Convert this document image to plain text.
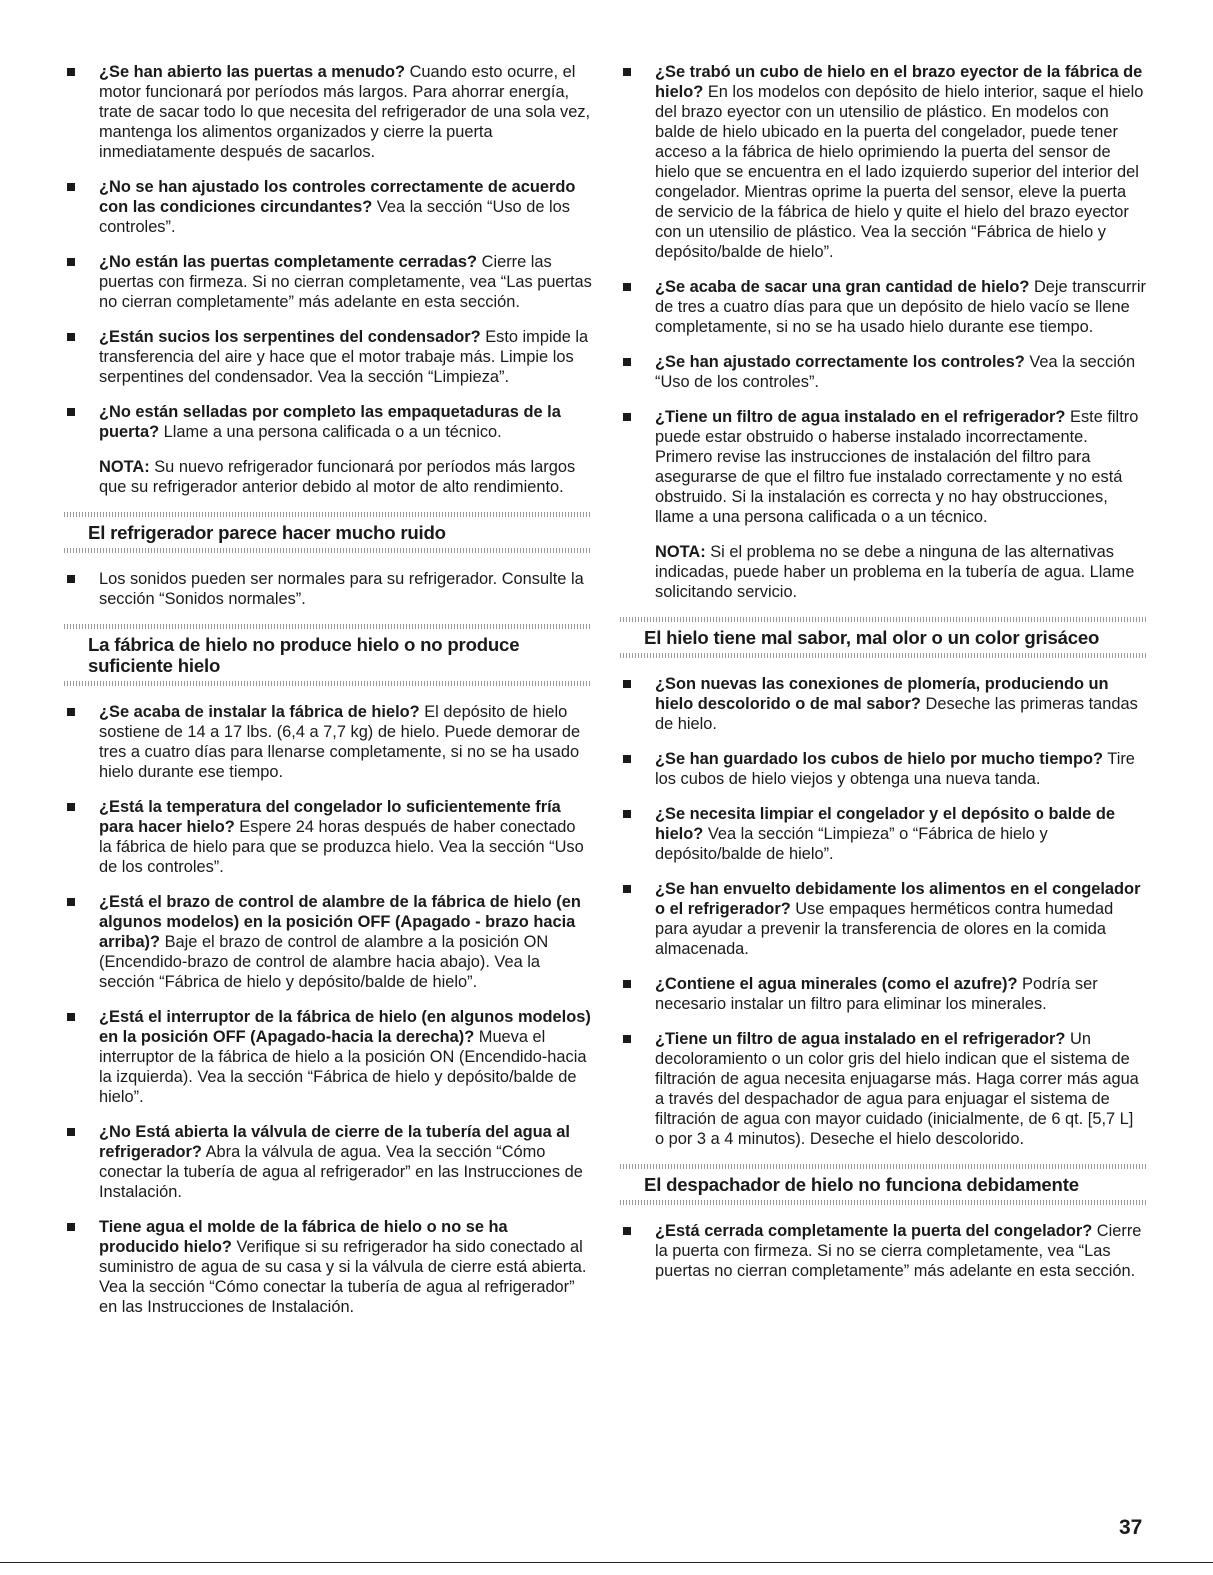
¿Se han abierto las puertas a menudo? Cuando esto ocurre, el motor funcionará por períodos más largos. Para ahorrar energía, trate de sacar todo lo que necesita del refrigerador de una sola vez, mantenga los alimentos organizados y cierre la puerta inmediatamente después de sacarlos.

¿No se han ajustado los controles correctamente de acuerdo con las condiciones circundantes? Vea la sección “Uso de los controles”.

¿No están las puertas completamente cerradas? Cierre las puertas con firmeza. Si no cierran completamente, vea “Las puertas no cierran completamente” más adelante en esta sección.

¿Están sucios los serpentines del condensador? Esto impide la transferencia del aire y hace que el motor trabaje más. Limpie los serpentines del condensador. Vea la sección “Limpieza”.

¿No están selladas por completo las empaquetaduras de la puerta? Llame a una persona calificada o a un técnico.

NOTA: Su nuevo refrigerador funcionará por períodos más largos que su refrigerador anterior debido al motor de alto rendimiento.

El refrigerador parece hacer mucho ruido

Los sonidos pueden ser normales para su refrigerador. Consulte la sección “Sonidos normales”.

La fábrica de hielo no produce hielo o no produce suficiente hielo

¿Se acaba de instalar la fábrica de hielo? El depósito de hielo sostiene de 14 a 17 lbs. (6,4 a 7,7 kg) de hielo. Puede demorar de tres a cuatro días para llenarse completamente, si no se ha usado hielo durante ese tiempo.

¿Está la temperatura del congelador lo suficientemente fría para hacer hielo? Espere 24 horas después de haber conectado la fábrica de hielo para que se produzca hielo. Vea la sección “Uso de los controles”.

¿Está el brazo de control de alambre de la fábrica de hielo (en algunos modelos) en la posición OFF (Apagado - brazo hacia arriba)? Baje el brazo de control de alambre a la posición ON (Encendido-brazo de control de alambre hacia abajo). Vea la sección “Fábrica de hielo y depósito/balde de hielo”.

¿Está el interruptor de la fábrica de hielo (en algunos modelos) en la posición OFF (Apagado-hacia la derecha)? Mueva el interruptor de la fábrica de hielo a la posición ON (Encendido-hacia la izquierda). Vea la sección “Fábrica de hielo y depósito/balde de hielo”.

¿No Está abierta la válvula de cierre de la tubería del agua al refrigerador? Abra la válvula de agua. Vea la sección “Cómo conectar la tubería de agua al refrigerador” en las Instrucciones de Instalación.

Tiene agua el molde de la fábrica de hielo o no se ha producido hielo? Verifique si su refrigerador ha sido conectado al suministro de agua de su casa y si la válvula de cierre está abierta. Vea la sección “Cómo conectar la tubería de agua al refrigerador” en las Instrucciones de Instalación.

¿Se trabó un cubo de hielo en el brazo eyector de la fábrica de hielo? En los modelos con depósito de hielo interior, saque el hielo del brazo eyector con un utensilio de plástico. En modelos con balde de hielo ubicado en la puerta del congelador, puede tener acceso a la fábrica de hielo oprimiendo la puerta del sensor de hielo que se encuentra en el lado izquierdo superior del interior del congelador. Mientras oprime la puerta del sensor, eleve la puerta de servicio de la fábrica de hielo y quite el hielo del brazo eyector con un utensilio de plástico. Vea la sección “Fábrica de hielo y depósito/balde de hielo”.

¿Se acaba de sacar una gran cantidad de hielo? Deje transcurrir de tres a cuatro días para que un depósito de hielo vacío se llene completamente, si no se ha usado hielo durante ese tiempo.

¿Se han ajustado correctamente los controles? Vea la sección “Uso de los controles”.

¿Tiene un filtro de agua instalado en el refrigerador? Este filtro puede estar obstruido o haberse instalado incorrectamente. Primero revise las instrucciones de instalación del filtro para asegurarse de que el filtro fue instalado correctamente y no está obstruido. Si la instalación es correcta y no hay obstrucciones, llame a una persona calificada o a un técnico.

NOTA: Si el problema no se debe a ninguna de las alternativas indicadas, puede haber un problema en la tubería de agua. Llame solicitando servicio.

El hielo tiene mal sabor, mal olor o un color grisáceo

¿Son nuevas las conexiones de plomería, produciendo un hielo descolorido o de mal sabor? Deseche las primeras tandas de hielo.

¿Se han guardado los cubos de hielo por mucho tiempo? Tire los cubos de hielo viejos y obtenga una nueva tanda.

¿Se necesita limpiar el congelador y el depósito o balde de hielo? Vea la sección “Limpieza” o “Fábrica de hielo y depósito/balde de hielo”.

¿Se han envuelto debidamente los alimentos en el congelador o el refrigerador? Use empaques herméticos contra humedad para ayudar a prevenir la transferencia de olores en la comida almacenada.

¿Contiene el agua minerales (como el azufre)? Podría ser necesario instalar un filtro para eliminar los minerales.

¿Tiene un filtro de agua instalado en el refrigerador? Un decoloramiento o un color gris del hielo indican que el sistema de filtración de agua necesita enjuagarse más. Haga correr más agua a través del despachador de agua para enjuagar el sistema de filtración de agua con mayor cuidado (inicialmente, de 6 qt. [5,7 L] o por 3 a 4 minutos). Deseche el hielo descolorido.

El despachador de hielo no funciona debidamente

¿Está cerrada completamente la puerta del congelador? Cierre la puerta con firmeza. Si no se cierra completamente, vea “Las puertas no cierran completamente” más adelante en esta sección.

37
